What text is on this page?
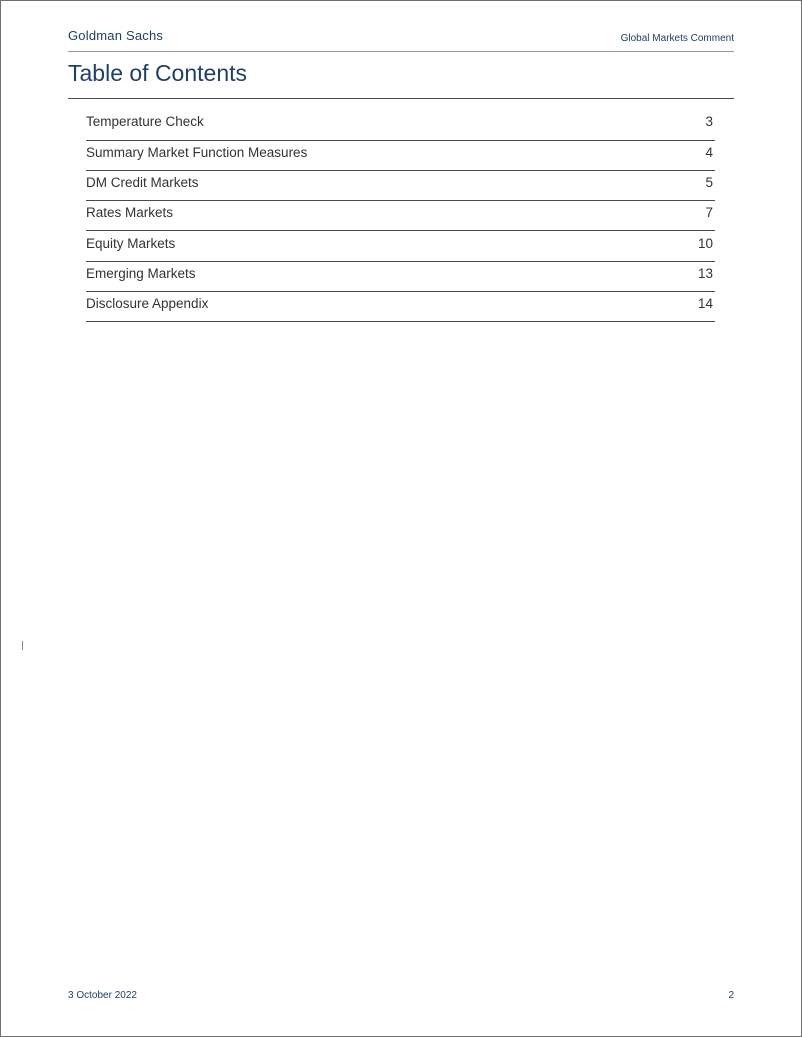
Goldman Sachs	Global Markets Comment
Table of Contents
Temperature Check	3
Summary Market Function Measures	4
DM Credit Markets	5
Rates Markets	7
Equity Markets	10
Emerging Markets	13
Disclosure Appendix	14
3 October 2022	2
